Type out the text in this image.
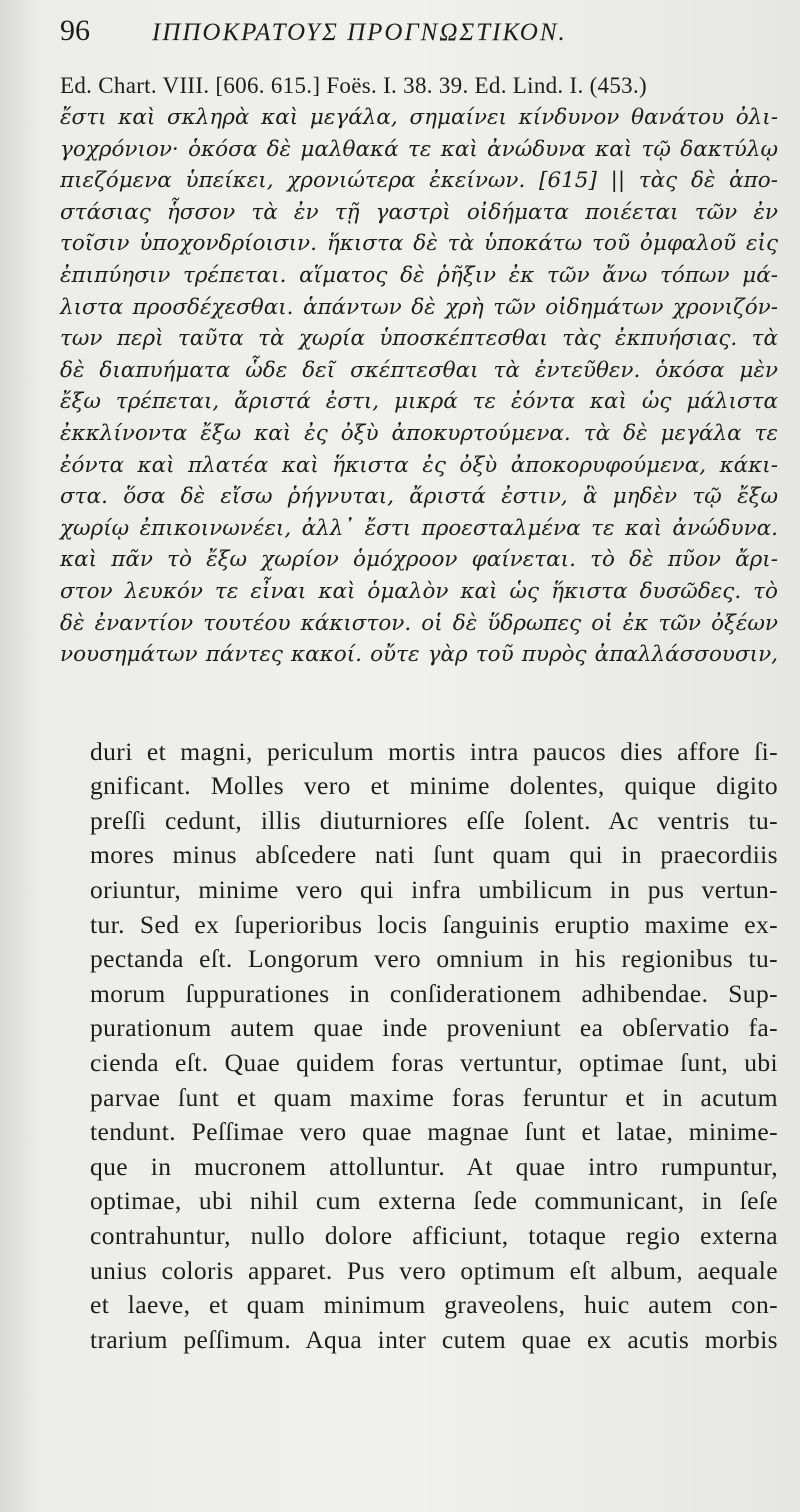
96	ΙΠΠΟΚΡΑΤΟΥΣ ΠΡΟΓΝΩΣΤΙΚΟΝ.
Ed. Chart. VIII. [606. 615.] Foës. I. 38. 39. Ed. Lind. I. (453.)
ἔστι καὶ σκληρὰ καὶ μεγάλα, σημαίνει κίνδυνον θανάτου ὀλι-
γοχρόνιον· ὁκόσα δὲ μαλθακά τε καὶ ἀνώδυνα καὶ τῷ δακτύλῳ
πιεζόμενα ὑπείκει, χρονιώτερα ἐκείνων. [615] || τὰς δὲ ἀπο-
στάσιας ἧσσον τὰ ἐν τῇ γαστρὶ οἰδήματα ποιέεται τῶν ἐν
τοῖσιν ὑποχονδρίοισιν. ἥκιστα δὲ τὰ ὑποκάτω τοῦ ὀμφαλοῦ εἰς
ἐπιπύησιν τρέπεται. αἵματος δὲ ῥῆξιν ἐκ τῶν ἄνω τόπων μά-
λιστα προσδέχεσθαι. ἁπάντων δὲ χρὴ τῶν οἰδημάτων χρονιζόν-
των περὶ ταῦτα τὰ χωρία ὑποσκέπτεσθαι τὰς ἐκπυήσιας. τὰ
δὲ διαπυήματα ὧδε δεῖ σκέπτεσθαι τὰ ἐντεῦθεν. ὁκόσα μὲν
ἔξω τρέπεται, ἄριστά ἐστι, μικρά τε ἐόντα καὶ ὡς μάλιστα
ἐκκλίνοντα ἔξω καὶ ἐς ὀξὺ ἀποκυρτούμενα. τὰ δὲ μεγάλα τε
ἐόντα καὶ πλατέα καὶ ἥκιστα ἐς ὀξὺ ἀποκορυφούμενα, κάκι-
στα. ὅσα δὲ εἴσω ῥήγνυται, ἄριστά ἐστιν, ἃ μηδὲν τῷ ἔξω
χωρίῳ ἐπικοινωνέει, ἀλλ᾽ ἔστι προεσταλμένα τε καὶ ἀνώδυνα.
καὶ πᾶν τὸ ἔξω χωρίον ὁμόχροον φαίνεται. τὸ δὲ πῦον ἄρι-
στον λευκόν τε εἶναι καὶ ὁμαλὸν καὶ ὡς ἥκιστα δυσῶδες. τὸ
δὲ ἐναντίον τουτέου κάκιστον. οἱ δὲ ὕδρωπες οἱ ἐκ τῶν ὀξέων
νουσημάτων πάντες κακοί. οὔτε γὰρ τοῦ πυρὸς ἀπαλλάσσουσιν,
duri et magni, periculum mortis intra paucos dies affore ſi-
gnificant. Molles vero et minime dolentes, quique digito
preſſi cedunt, illis diuturniores eſſe ſolent. Ac ventris tu-
mores minus abſcedere nati ſunt quam qui in praecordiis
oriuntur, minime vero qui infra umbilicum in pus vertun-
tur. Sed ex ſuperioribus locis ſanguinis eruptio maxime ex-
pectanda eſt. Longorum vero omnium in his regionibus tu-
morum ſuppurationes in conſiderationem adhibendae. Sup-
purationum autem quae inde proveniunt ea obſervatio fa-
cienda eſt. Quae quidem foras vertuntur, optimae ſunt, ubi
parvae ſunt et quam maxime foras feruntur et in acutum
tendunt. Peſſimae vero quae magnae ſunt et latae, minime-
que in mucronem attolluntur. At quae intro rumpuntur,
optimae, ubi nihil cum externa ſede communicant, in ſeſe
contrahuntur, nullo dolore afficiunt, totaque regio externa
unius coloris apparet. Pus vero optimum eſt album, aequale
et laeve, et quam minimum graveolens, huic autem con-
trarium peſſimum. Aqua inter cutem quae ex acutis morbis
